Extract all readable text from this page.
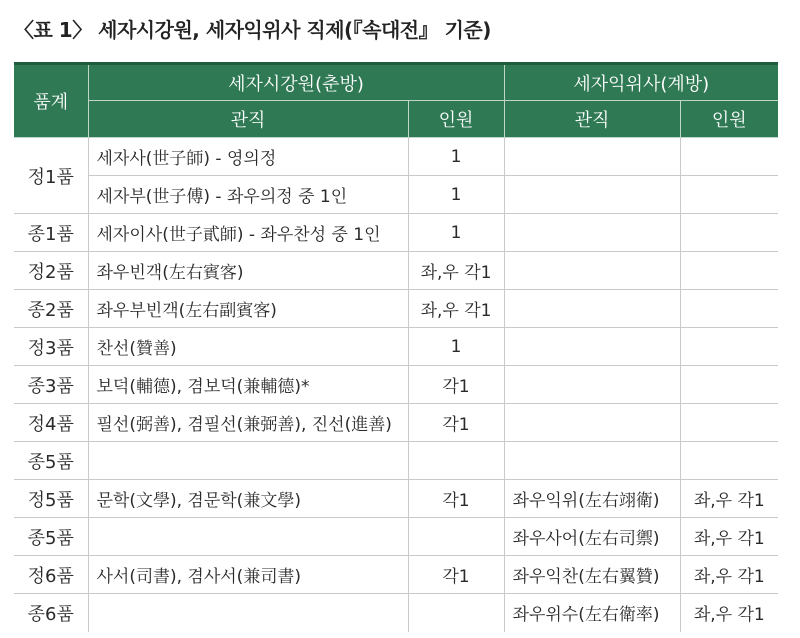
〈표 1〉 세자시강원, 세자익위사 직제(『속대전』 기준)
품계	세자시강원(춘방)		세자익위사(계방)	
	관직	인원	관직	인원
정1품	세자사(世子師) - 영의정	1		
	세자부(世子傅) - 좌우의정 중 1인	1		
종1품	세자이사(世子貳師) - 좌우찬성 중 1인	1		
정2품	좌우빈객(左右賓客)	좌,우 각1		
종2품	좌우부빈객(左右副賓客)	좌,우 각1		
정3품	찬선(贊善)	1		
종3품	보덕(輔德), 겸보덕(兼輔德)*	각1		
정4품	필선(弼善), 겸필선(兼弼善), 진선(進善)	각1		
종5품				
정5품	문학(文學), 겸문학(兼文學)	각1	좌우익위(左右翊衛)	좌,우 각1
종5품			좌우사어(左右司禦)	좌,우 각1
정6품	사서(司書), 겸사서(兼司書)	각1	좌우익찬(左右翼贊)	좌,우 각1
종6품			좌우위수(左右衛率)	좌,우 각1
